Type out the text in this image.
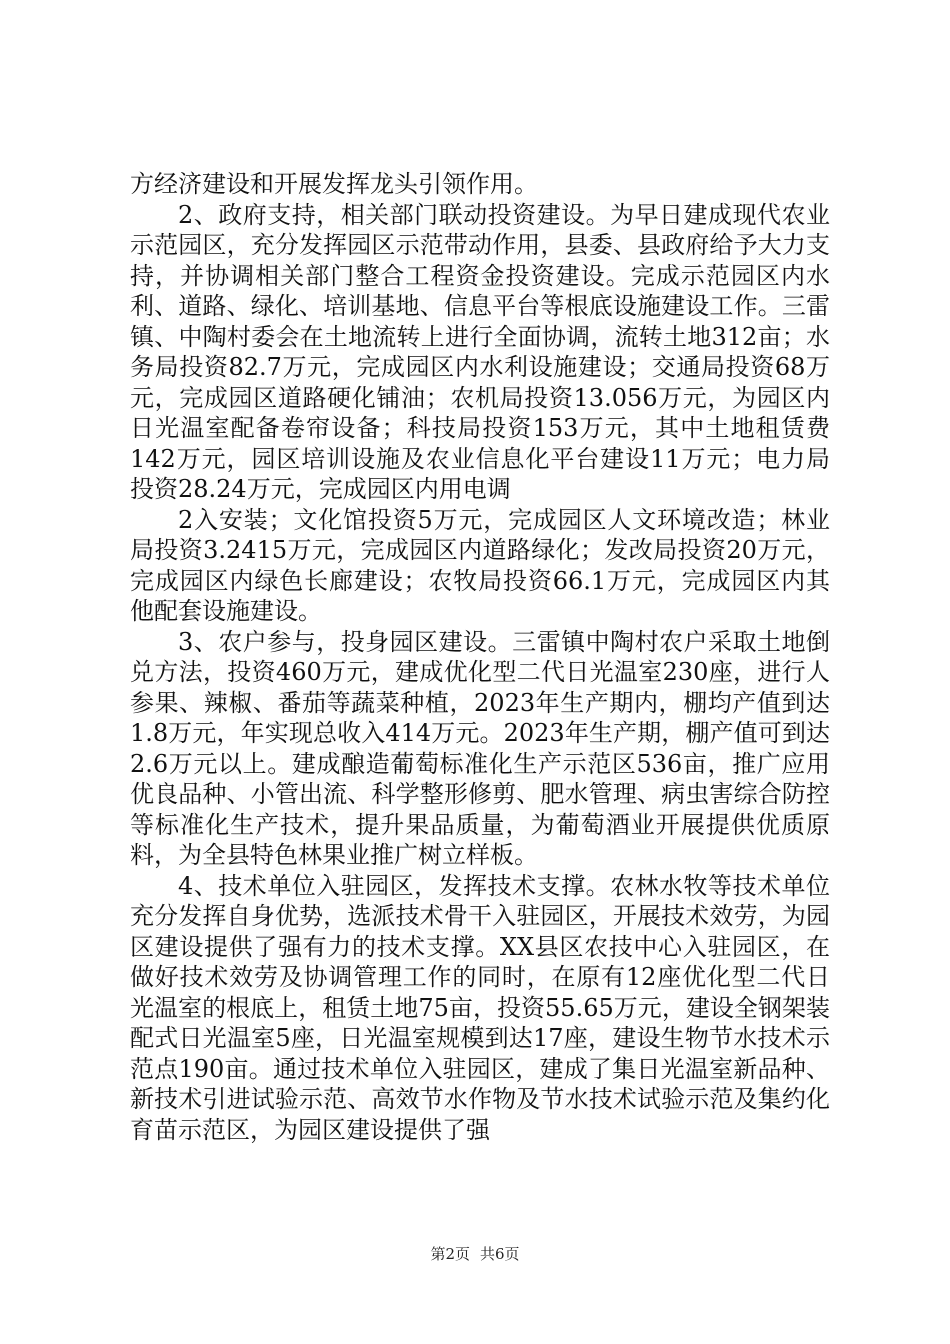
方经济建设和开展发挥龙头引领作用。

2、政府支持，相关部门联动投资建设。为早日建成现代农业示范园区，充分发挥园区示范带动作用，县委、县政府给予大力支持，并协调相关部门整合工程资金投资建设。完成示范园区内水利、道路、绿化、培训基地、信息平台等根底设施建设工作。三雷镇、中陶村委会在土地流转上进行全面协调，流转土地312亩；水务局投资82.7万元，完成园区内水利设施建设；交通局投资68万元，完成园区道路硬化铺油；农机局投资13.056万元，为园区内日光温室配备卷帘设备；科技局投资153万元，其中土地租赁费142万元，园区培训设施及农业信息化平台建设11万元；电力局投资28.24万元，完成园区内用电调

2入安装；文化馆投资5万元，完成园区人文环境改造；林业局投资3.2415万元，完成园区内道路绿化；发改局投资20万元，完成园区内绿色长廊建设；农牧局投资66.1万元，完成园区内其他配套设施建设。

3、农户参与，投身园区建设。三雷镇中陶村农户采取土地倒兑方法，投资460万元，建成优化型二代日光温室230座，进行人参果、辣椒、番茄等蔬菜种植，2023年生产期内，棚均产值到达1.8万元，年实现总收入414万元。2023年生产期，棚产值可到达2.6万元以上。建成酿造葡萄标准化生产示范区536亩，推广应用优良品种、小管出流、科学整形修剪、肥水管理、病虫害综合防控等标准化生产技术，提升果品质量，为葡萄酒业开展提供优质原料，为全县特色林果业推广树立样板。

4、技术单位入驻园区，发挥技术支撑。农林水牧等技术单位充分发挥自身优势，选派技术骨干入驻园区，开展技术效劳，为园区建设提供了强有力的技术支撑。XX县区农技中心入驻园区，在做好技术效劳及协调管理工作的同时，在原有12座优化型二代日光温室的根底上，租赁土地75亩，投资55.65万元，建设全钢架装配式日光温室5座，日光温室规模到达17座，建设生物节水技术示范点190亩。通过技术单位入驻园区，建成了集日光温室新品种、新技术引进试验示范、高效节水作物及节水技术试验示范及集约化育苗示范区，为园区建设提供了强

第2页 共6页
